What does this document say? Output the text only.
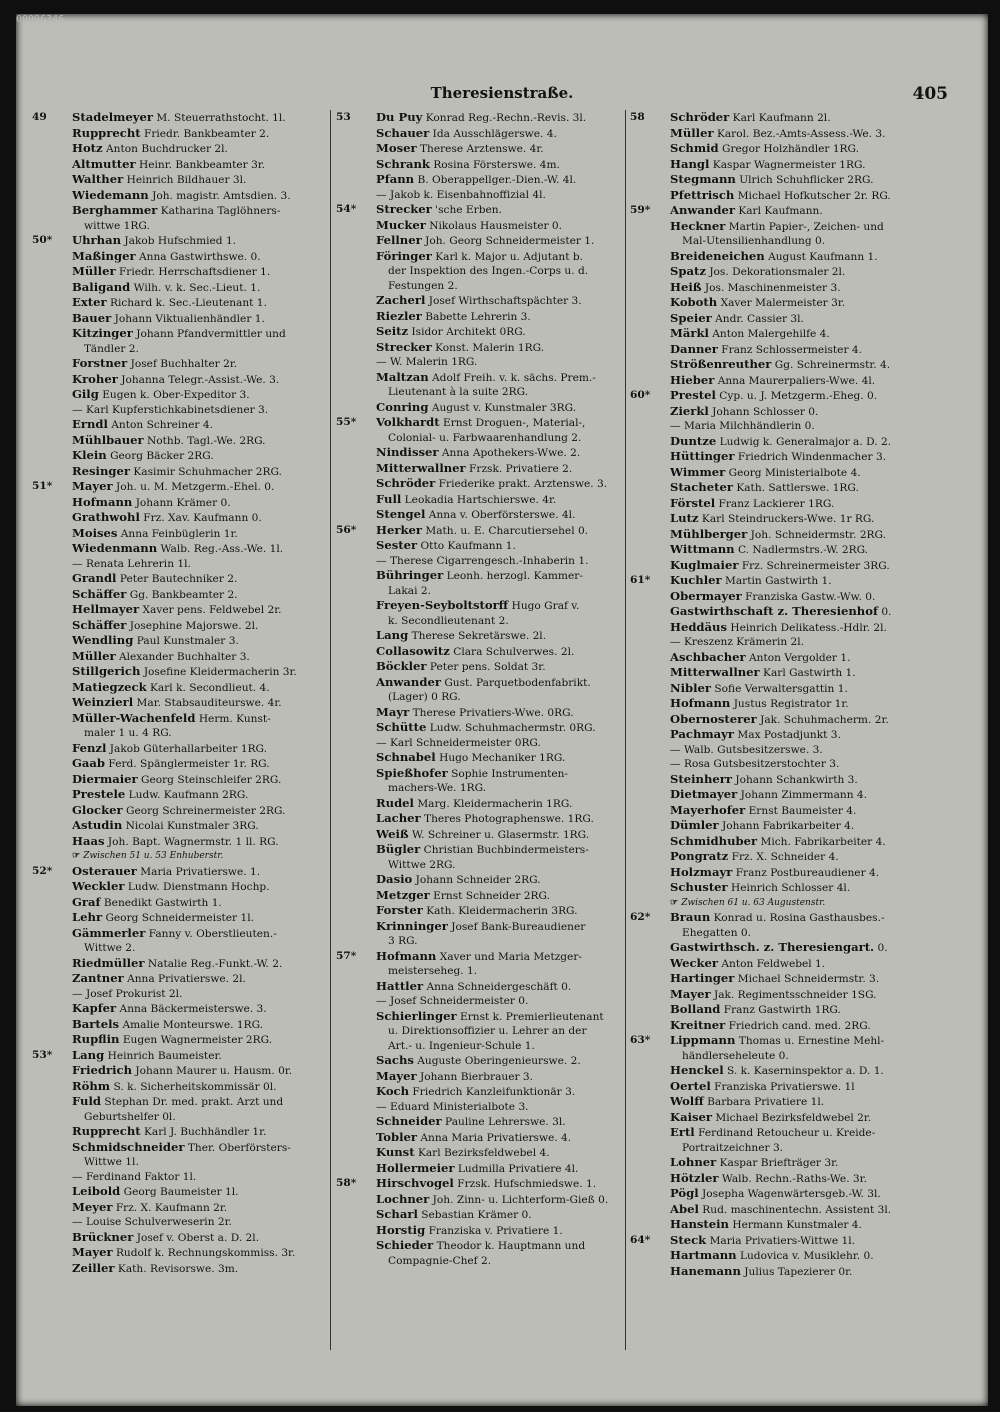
00096346
Theresienstraße.	405
49 Stadelmeyer M. Steuerrathstocht. 1l.
Rupprecht Friedr. Bankbeamter 2.
Hotz Anton Buchdrucker 2l.
Altmutter Heinr. Bankbeamter 3r.
Walther Heinrich Bildhauer 3l.
Wiedemann Joh. magistr. Amtsdien. 3.
Berghammer Katharina Taglöhners-
wittwe 1RG.
50* Uhrhan Jakob Hufschmied 1.
Maßinger Anna Gastwirthswe. 0.
Müller Friedr. Herrschaftsdiener 1.
Baligand Wilh. v. k. Sec.-Lieut. 1.
Exter Richard k. Sec.-Lieutenant 1.
Bauer Johann Viktualienhändler 1.
Kitzinger Johann Pfandvermittler und
Tändler 2.
Forstner Josef Buchhalter 2r.
Kroher Johanna Telegr.-Assist.-We. 3.
Gilg Eugen k. Ober-Expeditor 3.
— Karl Kupferstichkabinetsdiener 3.
Erndl Anton Schreiner 4.
Mühlbauer Nothb. Tagl.-We. 2RG.
Klein Georg Bäcker 2RG.
Resinger Kasimir Schuhmacher 2RG.
51* Mayer Joh. u. M. Metzgerm.-Ehel. 0.
Hofmann Johann Krämer 0.
Grathwohl Frz. Xav. Kaufmann 0.
Moises Anna Feinbüglerin 1r.
Wiedenmann Walb. Reg.-Ass.-We. 1l.
— Renata Lehrerin 1l.
Grandl Peter Bautechniker 2.
Schäffer Gg. Bankbeamter 2.
Hellmayer Xaver pens. Feldwebel 2r.
Schäffer Josephine Majorswe. 2l.
Wendling Paul Kunstmaler 3.
Müller Alexander Buchhalter 3.
Stillgerich Josefine Kleidermacherin 3r.
Matiegzeck Karl k. Secondlieut. 4.
Weinzierl Mar. Stabsauditeurswe. 4r.
Müller-Wachenfeld Herm. Kunst-
maler 1 u. 4 RG.
Fenzl Jakob Güterhallarbeiter 1RG.
Gaab Ferd. Spänglermeister 1r. RG.
Diermaier Georg Steinschleifer 2RG.
Prestele Ludw. Kaufmann 2RG.
Glocker Georg Schreinermeister 2RG.
Astudin Nicolai Kunstmaler 3RG.
Haas Joh. Bapt. Wagnermstr. 1 ll. RG.
☞ Zwischen 51 u. 53 Enhuberstr.
52* Osterauer Maria Privatierswe. 1.
Weckler Ludw. Dienstmann Hochp.
Graf Benedikt Gastwirth 1.
Lehr Georg Schneidermeister 1l.
Gämmerler Fanny v. Oberstlieuten.-
Wittwe 2.
Riedmüller Natalie Reg.-Funkt.-W. 2.
Zantner Anna Privatierswe. 2l.
— Josef Prokurist 2l.
Kapfer Anna Bäckermeisterswe. 3.
Bartels Amalie Monteurswe. 1RG.
Rupflin Eugen Wagnermeister 2RG.
53* Lang Heinrich Baumeister.
Friedrich Johann Maurer u. Hausm. 0r.
Röhm S. k. Sicherheitskommissär 0l.
Fuld Stephan Dr. med. prakt. Arzt und
Geburtshelfer 0l.
Rupprecht Karl J. Buchhändler 1r.
Schmidschneider Ther. Oberförsters-
Wittwe 1l.
— Ferdinand Faktor 1l.
Leibold Georg Baumeister 1l.
Meyer Frz. X. Kaufmann 2r.
— Louise Schulverweserin 2r.
Brückner Josef v. Oberst a. D. 2l.
Mayer Rudolf k. Rechnungskommiss. 3r.
Zeiller Kath. Revisorswe. 3m.
53 Du Puy Konrad Reg.-Rechn.-Revis. 3l.
Schauer Ida Ausschlägerswe. 4.
Moser Therese Arztenswe. 4r.
Schrank Rosina Försterswe. 4m.
Pfann B. Oberappellger.-Dien.-W. 4l.
— Jakob k. Eisenbahnoffizial 4l.
54* Strecker 'sche Erben.
Mucker Nikolaus Hausmeister 0.
Fellner Joh. Georg Schneidermeister 1.
Föringer Karl k. Major u. Adjutant b.
der Inspektion des Ingen.-Corps u. d.
Festungen 2.
Zacherl Josef Wirthschaftspächter 3.
Riezler Babette Lehrerin 3.
Seitz Isidor Architekt 0RG.
Strecker Konst. Malerin 1RG.
— W. Malerin 1RG.
Maltzan Adolf Freih. v. k. sächs. Prem.-
Lieutenant à la suite 2RG.
Conring August v. Kunstmaler 3RG.
55* Volkhardt Ernst Droguen-, Material-,
Colonial- u. Farbwaarenhandlung 2.
Nindisser Anna Apothekers-Wwe. 2.
Mitterwallner Frzsk. Privatiere 2.
Schröder Friederike prakt. Arztenswe. 3.
Full Leokadia Hartschierswe. 4r.
Stengel Anna v. Oberförsterswe. 4l.
56* Herker Math. u. E. Charcutiersehel 0.
Sester Otto Kaufmann 1.
— Therese Cigarrengesch.-Inhaberin 1.
Bühringer Leonh. herzogl. Kammer-
Lakai 2.
Freyen-Seyboltstorff Hugo Graf v.
k. Secondlieutenant 2.
Lang Therese Sekretärswe. 2l.
Collasowitz Clara Schulverwes. 2l.
Böckler Peter pens. Soldat 3r.
Anwander Gust. Parquetbodenfabrikt.
(Lager) 0 RG.
Mayr Therese Privatiers-Wwe. 0RG.
Schütte Ludw. Schuhmachermstr. 0RG.
— Karl Schneidermeister 0RG.
Schnabel Hugo Mechaniker 1RG.
Spießhofer Sophie Instrumenten-
machers-We. 1RG.
Rudel Marg. Kleidermacherin 1RG.
Lacher Theres Photographenswe. 1RG.
Weiß W. Schreiner u. Glasermstr. 1RG.
Bügler Christian Buchbindermeisters-
Wittwe 2RG.
Dasio Johann Schneider 2RG.
Metzger Ernst Schneider 2RG.
Forster Kath. Kleidermacherin 3RG.
Krinninger Josef Bank-Bureaudiener
3 RG.
57* Hofmann Xaver und Maria Metzger-
meisterseheg. 1.
Hattler Anna Schneidergeschäft 0.
— Josef Schneidermeister 0.
Schierlinger Ernst k. Premierlieutenant
u. Direktionsoffizier u. Lehrer an der
Art.- u. Ingenieur-Schule 1.
Sachs Auguste Oberingenieurswe. 2.
Mayer Johann Bierbrauer 3.
Koch Friedrich Kanzleifunktionär 3.
— Eduard Ministerialbote 3.
Schneider Pauline Lehrerswe. 3l.
Tobler Anna Maria Privatierswe. 4.
Kunst Karl Bezirksfeldwebel 4.
Hollermeier Ludmilla Privatiere 4l.
58* Hirschvogel Frzsk. Hufschmiedswe. 1.
Lochner Joh. Zinn- u. Lichterform-Gieß 0.
Scharl Sebastian Krämer 0.
Horstig Franziska v. Privatiere 1.
Schieder Theodor k. Hauptmann und
Compagnie-Chef 2.
58 Schröder Karl Kaufmann 2l.
Müller Karol. Bez.-Amts-Assess.-We. 3.
Schmid Gregor Holzhändler 1RG.
Hangl Kaspar Wagnermeister 1RG.
Stegmann Ulrich Schuhflicker 2RG.
Pfettrisch Michael Hofkutscher 2r. RG.
59* Anwander Karl Kaufmann.
Heckner Martin Papier-, Zeichen- und
Mal-Utensilienhandlung 0.
Breideneichen August Kaufmann 1.
Spatz Jos. Dekorationsmaler 2l.
Heiß Jos. Maschinenmeister 3.
Koboth Xaver Malermeister 3r.
Speier Andr. Cassier 3l.
Märkl Anton Malergehilfe 4.
Danner Franz Schlossermeister 4.
Strößenreuther Gg. Schreinermstr. 4.
Hieber Anna Maurerpaliers-Wwe. 4l.
60* Prestel Cyp. u. J. Metzgerm.-Eheg. 0.
Zierkl Johann Schlosser 0.
— Maria Milchhändlerin 0.
Duntze Ludwig k. Generalmajor a. D. 2.
Hüttinger Friedrich Windenmacher 3.
Wimmer Georg Ministerialbote 4.
Stacheter Kath. Sattlerswe. 1RG.
Förstel Franz Lackierer 1RG.
Lutz Karl Steindruckers-Wwe. 1r RG.
Mühlberger Joh. Schneidermstr. 2RG.
Wittmann C. Nadlermstrs.-W. 2RG.
Kuglmaier Frz. Schreinermeister 3RG.
61* Kuchler Martin Gastwirth 1.
Obermayer Franziska Gastw.-Ww. 0.
Gastwirthschaft z. Theresienhof 0.
Heddäus Heinrich Delikatess.-Hdlr. 2l.
— Kreszenz Krämerin 2l.
Aschbacher Anton Vergolder 1.
Mitterwallner Karl Gastwirth 1.
Nibler Sofie Verwaltersgattin 1.
Hofmann Justus Registrator 1r.
Obernosterer Jak. Schuhmacherm. 2r.
Pachmayr Max Postadjunkt 3.
— Walb. Gutsbesitzerswe. 3.
— Rosa Gutsbesitzerstochter 3.
Steinherr Johann Schankwirth 3.
Dietmayer Johann Zimmermann 4.
Mayerhofer Ernst Baumeister 4.
Dümler Johann Fabrikarbeiter 4.
Schmidhuber Mich. Fabrikarbeiter 4.
Pongratz Frz. X. Schneider 4.
Holzmayr Franz Postbureaudiener 4.
Schuster Heinrich Schlosser 4l.
☞ Zwischen 61 u. 63 Augustenstr.
62* Braun Konrad u. Rosina Gasthausbes.-
Ehegatten 0.
Gastwirthsch. z. Theresiengart. 0.
Wecker Anton Feldwebel 1.
Hartinger Michael Schneidermstr. 3.
Mayer Jak. Regimentsschneider 1SG.
Bolland Franz Gastwirth 1RG.
Kreitner Friedrich cand. med. 2RG.
63* Lippmann Thomas u. Ernestine Mehl-
händlerseheleute 0.
Henckel S. k. Kaserninspektor a. D. 1.
Oertel Franziska Privatierswe. 1l
Wolff Barbara Privatiere 1l.
Kaiser Michael Bezirksfeldwebel 2r.
Ertl Ferdinand Retoucheur u. Kreide-
Portraitzeichner 3.
Lohner Kaspar Briefträger 3r.
Hötzler Walb. Rechn.-Raths-We. 3r.
Pögl Josepha Wagenwärtersgeb.-W. 3l.
Abel Rud. maschinentechn. Assistent 3l.
Hanstein Hermann Kunstmaler 4.
64* Steck Maria Privatiers-Wittwe 1l.
Hartmann Ludovica v. Musiklehr. 0.
Hanemann Julius Tapezierer 0r.
